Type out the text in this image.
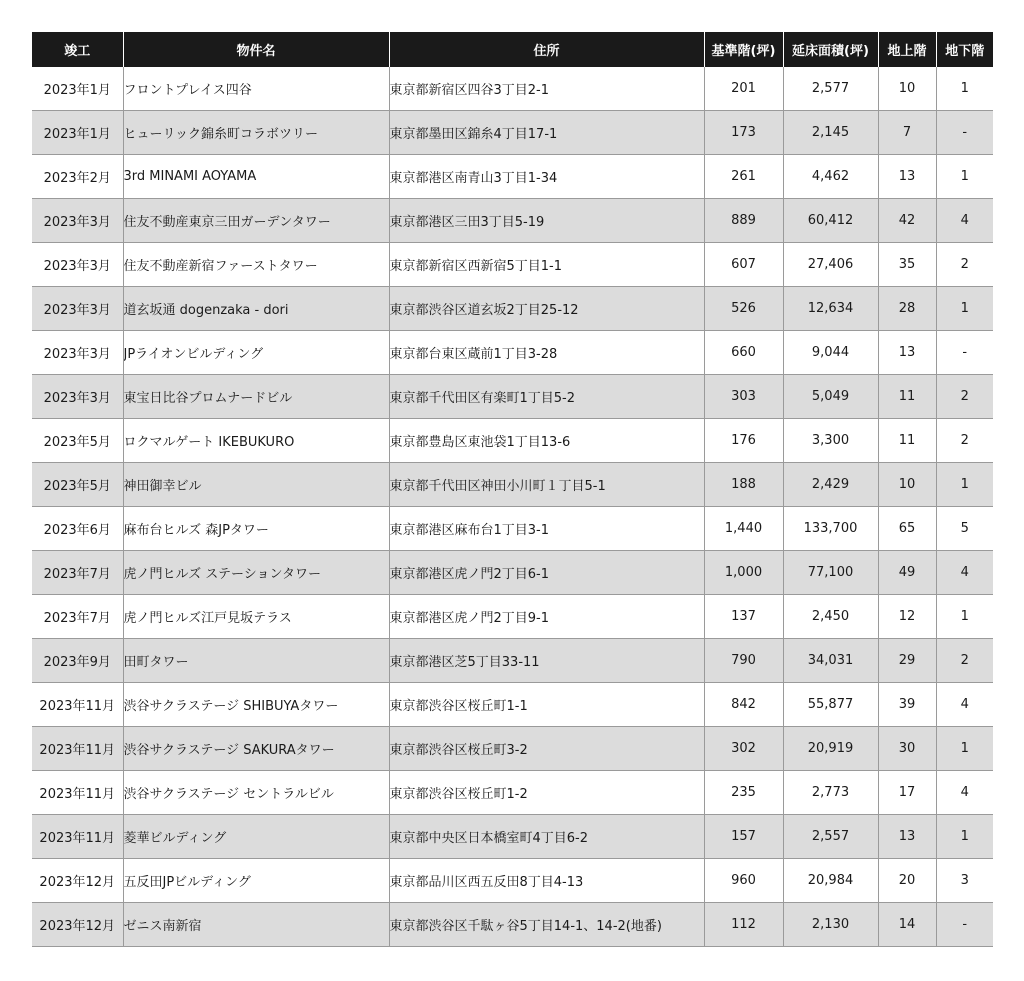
竣工	物件名	住所	基準階(坪)	延床面積(坪)	地上階	地下階
2023年1月	フロントプレイス四谷	東京都新宿区四谷3丁目2-1	201	2,577	10	1
2023年1月	ヒューリック錦糸町コラボツリー	東京都墨田区錦糸4丁目17-1	173	2,145	7	-
2023年2月	3rd MINAMI AOYAMA	東京都港区南青山3丁目1-34	261	4,462	13	1
2023年3月	住友不動産東京三田ガーデンタワー	東京都港区三田3丁目5-19	889	60,412	42	4
2023年3月	住友不動産新宿ファーストタワー	東京都新宿区西新宿5丁目1-1	607	27,406	35	2
2023年3月	道玄坂通 dogenzaka - dori	東京都渋谷区道玄坂2丁目25-12	526	12,634	28	1
2023年3月	JPライオンビルディング	東京都台東区蔵前1丁目3-28	660	9,044	13	-
2023年3月	東宝日比谷プロムナードビル	東京都千代田区有楽町1丁目5-2	303	5,049	11	2
2023年5月	ロクマルゲート IKEBUKURO	東京都豊島区東池袋1丁目13-6	176	3,300	11	2
2023年5月	神田御幸ビル	東京都千代田区神田小川町１丁目5-1	188	2,429	10	1
2023年6月	麻布台ヒルズ 森JPタワー	東京都港区麻布台1丁目3-1	1,440	133,700	65	5
2023年7月	虎ノ門ヒルズ ステーションタワー	東京都港区虎ノ門2丁目6-1	1,000	77,100	49	4
2023年7月	虎ノ門ヒルズ江戸見坂テラス	東京都港区虎ノ門2丁目9-1	137	2,450	12	1
2023年9月	田町タワー	東京都港区芝5丁目33-11	790	34,031	29	2
2023年11月	渋谷サクラステージ SHIBUYAタワー	東京都渋谷区桜丘町1-1	842	55,877	39	4
2023年11月	渋谷サクラステージ SAKURAタワー	東京都渋谷区桜丘町3-2	302	20,919	30	1
2023年11月	渋谷サクラステージ セントラルビル	東京都渋谷区桜丘町1-2	235	2,773	17	4
2023年11月	菱華ビルディング	東京都中央区日本橋室町4丁目6-2	157	2,557	13	1
2023年12月	五反田JPビルディング	東京都品川区西五反田8丁目4-13	960	20,984	20	3
2023年12月	ゼニス南新宿	東京都渋谷区千駄ヶ谷5丁目14-1、14-2(地番)	112	2,130	14	-
